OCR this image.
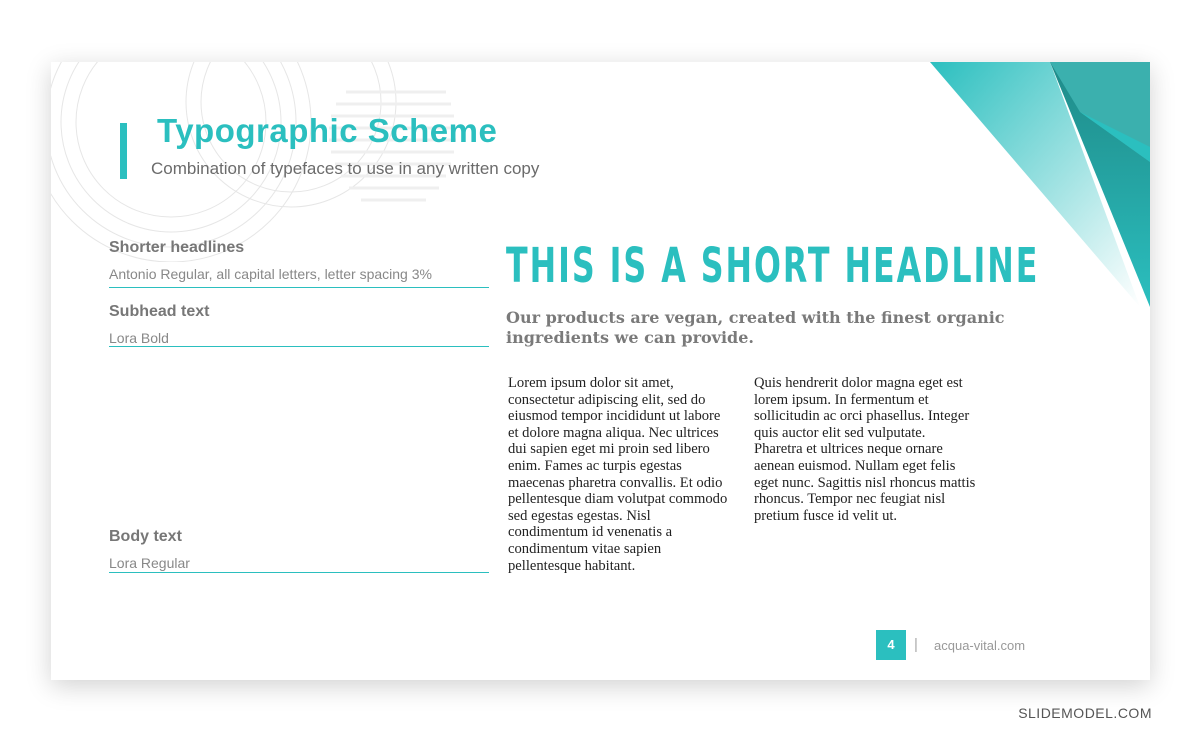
Typographic Scheme
Combination of typefaces to use in any written copy
Shorter headlines
Antonio Regular, all capital letters, letter spacing 3%
Subhead text
Lora Bold
Body text
Lora Regular
THIS IS A SHORT HEADLINE
Our products are vegan, created with the finest organic ingredients we can provide.
Lorem ipsum dolor sit amet,
consectetur adipiscing elit, sed do
eiusmod tempor incididunt ut labore
et dolore magna aliqua. Nec ultrices
dui sapien eget mi proin sed libero
enim. Fames ac turpis egestas
maecenas pharetra convallis. Et odio
pellentesque diam volutpat commodo
sed egestas egestas. Nisl
condimentum id venenatis a
condimentum vitae sapien
pellentesque habitant.
Quis hendrerit dolor magna eget est
lorem ipsum. In fermentum et
sollicitudin ac orci phasellus. Integer
quis auctor elit sed vulputate.
Pharetra et ultrices neque ornare
aenean euismod. Nullam eget felis
eget nunc. Sagittis nisl rhoncus mattis
rhoncus. Tempor nec feugiat nisl
pretium fusce id velit ut.
4	| acqua-vital.com
SLIDEMODEL.COM
